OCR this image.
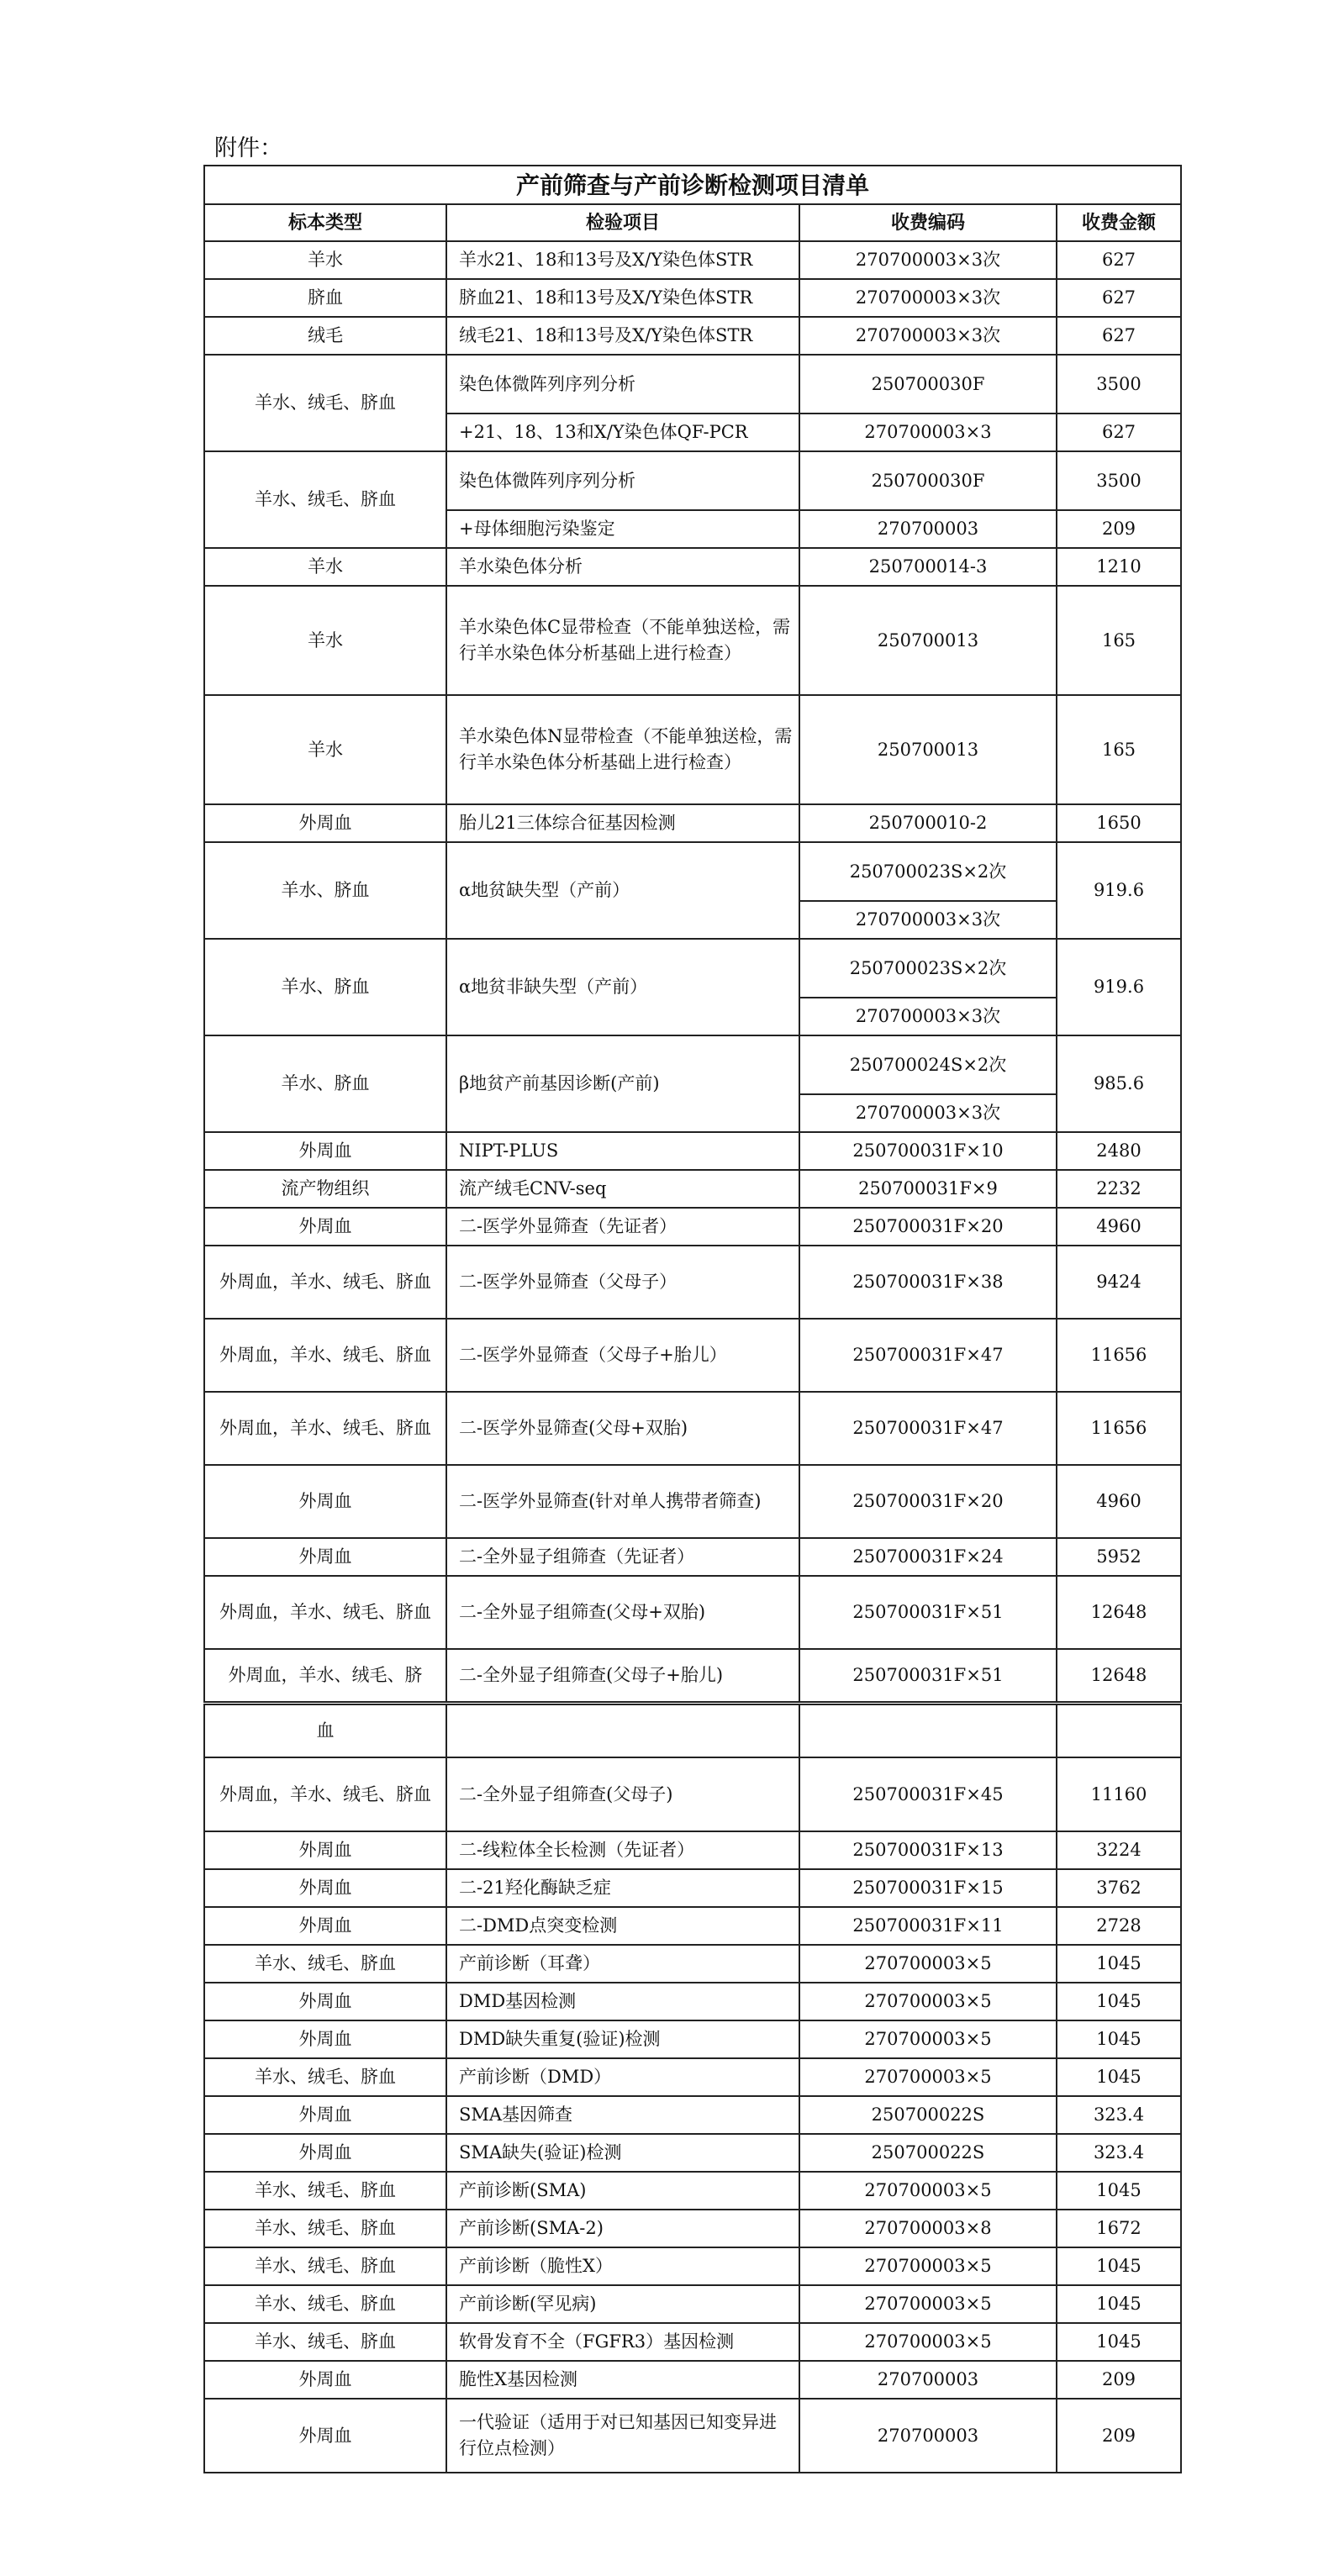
附件：
产前筛查与产前诊断检测项目清单			
标本类型	检验项目	收费编码	收费金额
羊水	羊水21、18和13号及X/Y染色体STR	270700003×3次	627
脐血	脐血21、18和13号及X/Y染色体STR	270700003×3次	627
绒毛	绒毛21、18和13号及X/Y染色体STR	270700003×3次	627
羊水、绒毛、脐血	染色体微阵列序列分析	250700030F	3500
	+21、18、13和X/Y染色体QF-PCR	270700003×3	627
羊水、绒毛、脐血	染色体微阵列序列分析	250700030F	3500
	+母体细胞污染鉴定	270700003	209
羊水	羊水染色体分析	250700014-3	1210
羊水	羊水染色体C显带检查（不能单独送检，需行羊水染色体分析基础上进行检查）	250700013	165
羊水	羊水染色体N显带检查（不能单独送检，需行羊水染色体分析基础上进行检查）	250700013	165
外周血	胎儿21三体综合征基因检测	250700010-2	1650
羊水、脐血	α地贫缺失型（产前）	250700023S×2次	919.6
		270700003×3次	
羊水、脐血	α地贫非缺失型（产前）	250700023S×2次	919.6
		270700003×3次	
羊水、脐血	β地贫产前基因诊断(产前)	250700024S×2次	985.6
		270700003×3次	
外周血	NIPT-PLUS	250700031F×10	2480
流产物组织	流产绒毛CNV-seq	250700031F×9	2232
外周血	二-医学外显筛查（先证者）	250700031F×20	4960
外周血，羊水、绒毛、脐血	二-医学外显筛查（父母子）	250700031F×38	9424
外周血，羊水、绒毛、脐血	二-医学外显筛查（父母子+胎儿）	250700031F×47	11656
外周血，羊水、绒毛、脐血	二-医学外显筛查(父母+双胎)	250700031F×47	11656
外周血	二-医学外显筛查(针对单人携带者筛查)	250700031F×20	4960
外周血	二-全外显子组筛查（先证者）	250700031F×24	5952
外周血，羊水、绒毛、脐血	二-全外显子组筛查(父母+双胎)	250700031F×51	12648
外周血，羊水、绒毛、脐	二-全外显子组筛查(父母子+胎儿)	250700031F×51	12648
血			
外周血，羊水、绒毛、脐血	二-全外显子组筛查(父母子)	250700031F×45	11160
外周血	二-线粒体全长检测（先证者）	250700031F×13	3224
外周血	二-21羟化酶缺乏症	250700031F×15	3762
外周血	二-DMD点突变检测	250700031F×11	2728
羊水、绒毛、脐血	产前诊断（耳聋）	270700003×5	1045
外周血	DMD基因检测	270700003×5	1045
外周血	DMD缺失重复(验证)检测	270700003×5	1045
羊水、绒毛、脐血	产前诊断（DMD）	270700003×5	1045
外周血	SMA基因筛查	250700022S	323.4
外周血	SMA缺失(验证)检测	250700022S	323.4
羊水、绒毛、脐血	产前诊断(SMA)	270700003×5	1045
羊水、绒毛、脐血	产前诊断(SMA-2)	270700003×8	1672
羊水、绒毛、脐血	产前诊断（脆性X）	270700003×5	1045
羊水、绒毛、脐血	产前诊断(罕见病)	270700003×5	1045
羊水、绒毛、脐血	软骨发育不全（FGFR3）基因检测	270700003×5	1045
外周血	脆性X基因检测	270700003	209
外周血	一代验证（适用于对已知基因已知变异进行位点检测）	270700003	209
